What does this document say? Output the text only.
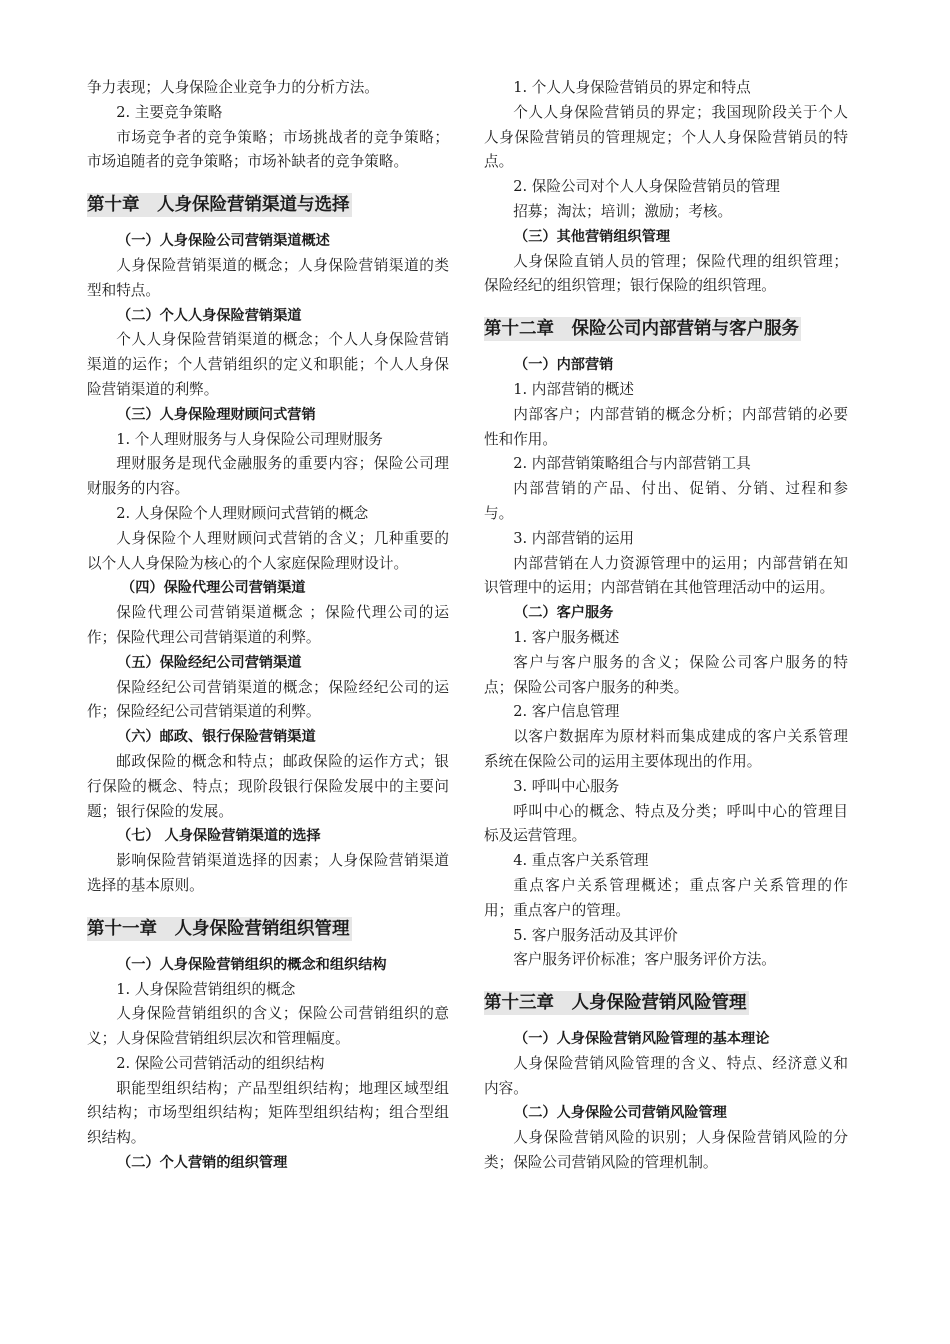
争力表现；人身保险企业竞争力的分析方法。
2. 主要竞争策略
市场竞争者的竞争策略；市场挑战者的竞争策略；市场追随者的竞争策略；市场补缺者的竞争策略。
第十章　人身保险营销渠道与选择
（一）人身保险公司营销渠道概述
人身保险营销渠道的概念；人身保险营销渠道的类型和特点。
（二）个人人身保险营销渠道
个人人身保险营销渠道的概念；个人人身保险营销渠道的运作；个人营销组织的定义和职能；个人人身保险营销渠道的利弊。
（三）人身保险理财顾问式营销
1. 个人理财服务与人身保险公司理财服务
理财服务是现代金融服务的重要内容；保险公司理财服务的内容。
2. 人身保险个人理财顾问式营销的概念
人身保险个人理财顾问式营销的含义；几种重要的以个人人身保险为核心的个人家庭保险理财设计。
（四）保险代理公司营销渠道
保险代理公司营销渠道概念 ；保险代理公司的运作；保险代理公司营销渠道的利弊。
（五）保险经纪公司营销渠道
保险经纪公司营销渠道的概念；保险经纪公司的运作；保险经纪公司营销渠道的利弊。
（六）邮政、银行保险营销渠道
邮政保险的概念和特点；邮政保险的运作方式；银行保险的概念、特点；现阶段银行保险发展中的主要问题；银行保险的发展。
（七） 人身保险营销渠道的选择
影响保险营销渠道选择的因素；人身保险营销渠道选择的基本原则。
第十一章　人身保险营销组织管理
（一）人身保险营销组织的概念和组织结构
1. 人身保险营销组织的概念
人身保险营销组织的含义；保险公司营销组织的意义；人身保险营销组织层次和管理幅度。
2. 保险公司营销活动的组织结构
职能型组织结构；产品型组织结构；地理区域型组织结构；市场型组织结构；矩阵型组织结构；组合型组织结构。
（二）个人营销的组织管理
1. 个人人身保险营销员的界定和特点
个人人身保险营销员的界定；我国现阶段关于个人人身保险营销员的管理规定；个人人身保险营销员的特点。
2. 保险公司对个人人身保险营销员的管理
招募；淘汰；培训；激励；考核。
（三）其他营销组织管理
人身保险直销人员的管理；保险代理的组织管理；保险经纪的组织管理；银行保险的组织管理。
第十二章　保险公司内部营销与客户服务
（一）内部营销
1. 内部营销的概述
内部客户；内部营销的概念分析；内部营销的必要性和作用。
2. 内部营销策略组合与内部营销工具
内部营销的产品、付出、促销、分销、过程和参与。
3. 内部营销的运用
内部营销在人力资源管理中的运用；内部营销在知识管理中的运用；内部营销在其他管理活动中的运用。
（二）客户服务
1. 客户服务概述
客户与客户服务的含义；保险公司客户服务的特点；保险公司客户服务的种类。
2. 客户信息管理
以客户数据库为原材料而集成建成的客户关系管理系统在保险公司的运用主要体现出的作用。
3. 呼叫中心服务
呼叫中心的概念、特点及分类；呼叫中心的管理目标及运营管理。
4. 重点客户关系管理
重点客户关系管理概述；重点客户关系管理的作用；重点客户的管理。
5. 客户服务活动及其评价
客户服务评价标准；客户服务评价方法。
第十三章　人身保险营销风险管理
（一）人身保险营销风险管理的基本理论
人身保险营销风险管理的含义、特点、经济意义和内容。
（二）人身保险公司营销风险管理
人身保险营销风险的识别；人身保险营销风险的分类；保险公司营销风险的管理机制。
